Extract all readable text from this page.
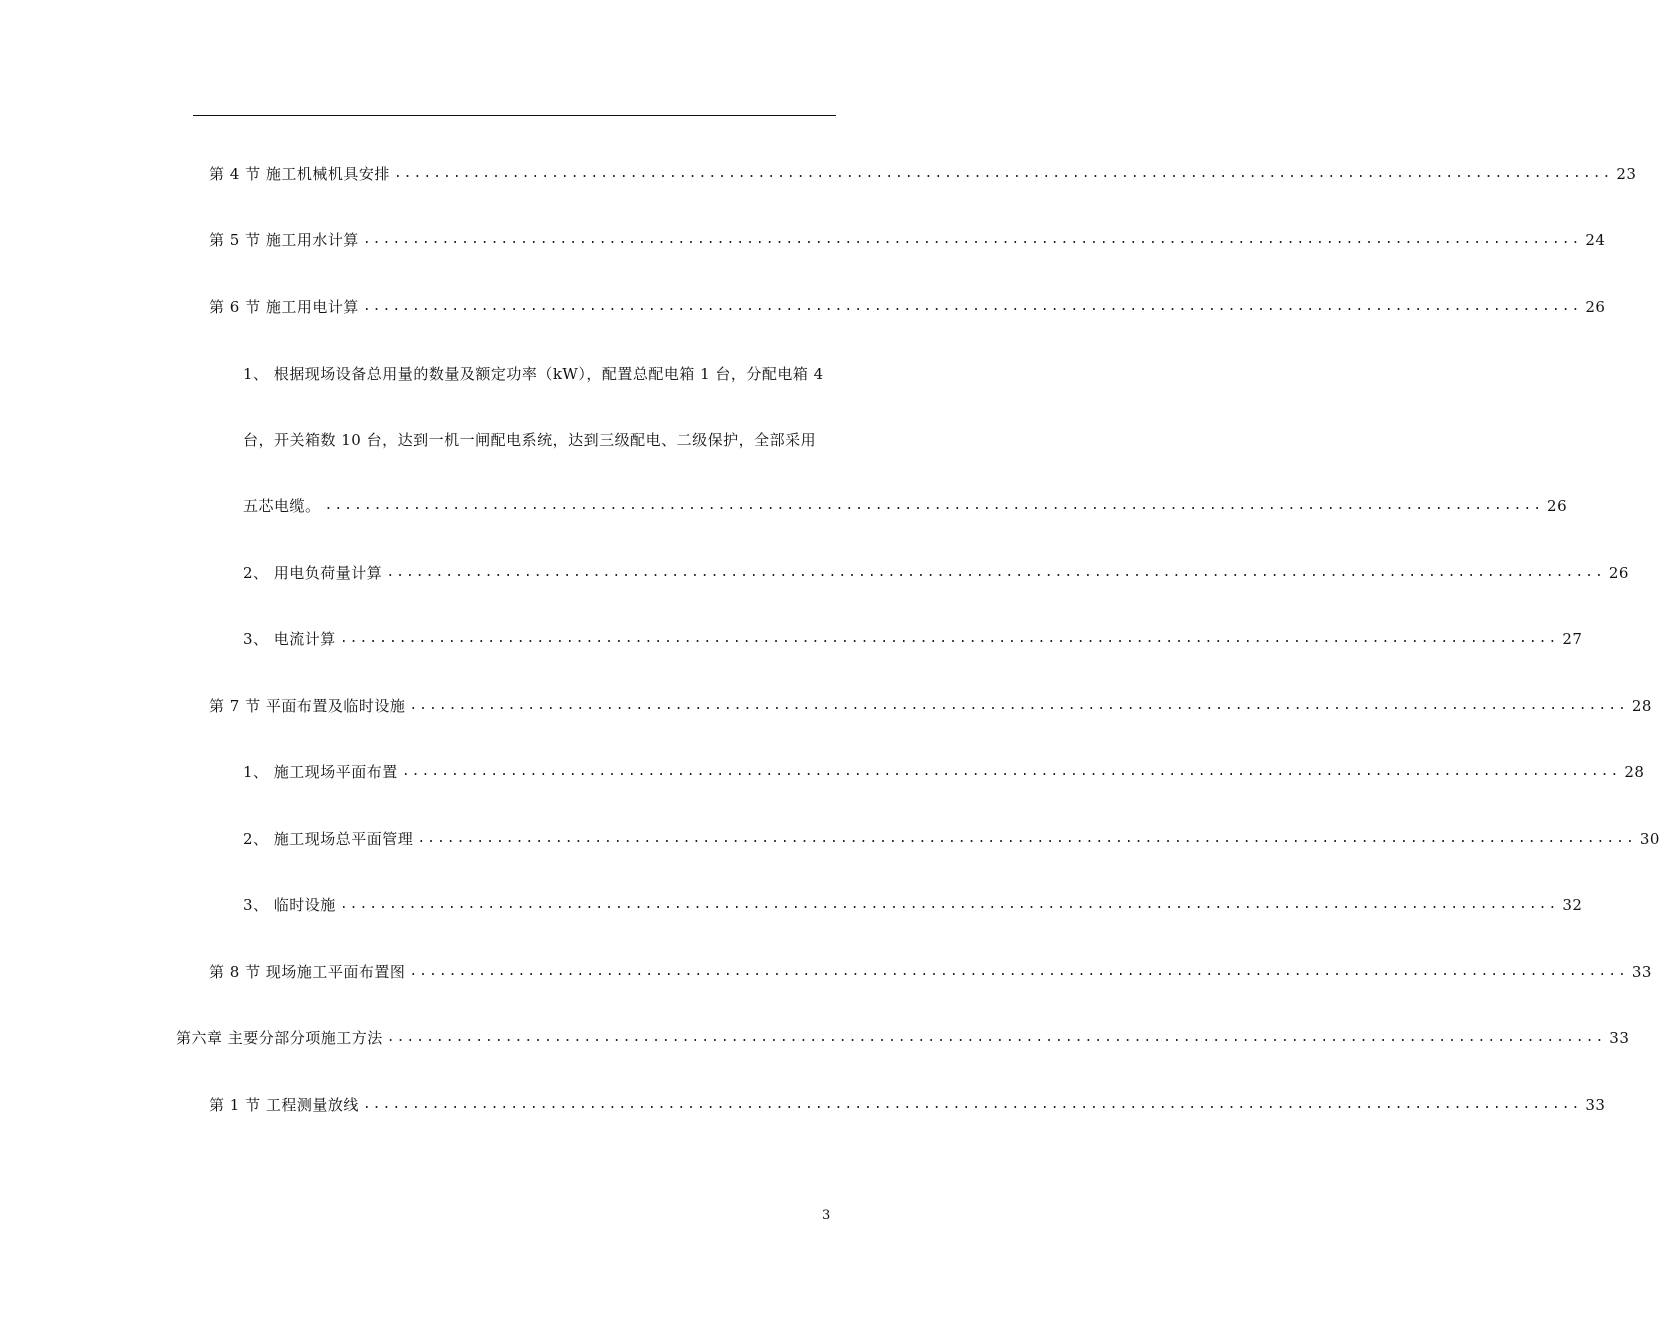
第 4 节 施工机械机具安排 ............................................................................................................................ 23
第 5 节 施工用水计算 ............................................................................................................................ 24
第 6 节 施工用电计算 ............................................................................................................................ 26
1、 根据现场设备总用量的数量及额定功率（kW），配置总配电箱 1 台，分配电箱 4
台，开关箱数 10 台，达到一机一闸配电系统，达到三级配电、二级保护，全部采用
五芯电缆。 ............................................................................................................................ 26
2、 用电负荷量计算 ............................................................................................................................ 26
3、 电流计算 ............................................................................................................................ 27
第 7 节 平面布置及临时设施 ............................................................................................................................ 28
1、 施工现场平面布置 ............................................................................................................................ 28
2、 施工现场总平面管理 ............................................................................................................................ 30
3、 临时设施 ............................................................................................................................ 32
第 8 节 现场施工平面布置图 ............................................................................................................................ 33
第六章 主要分部分项施工方法 ............................................................................................................................ 33
第 1 节 工程测量放线 ............................................................................................................................ 33
3
